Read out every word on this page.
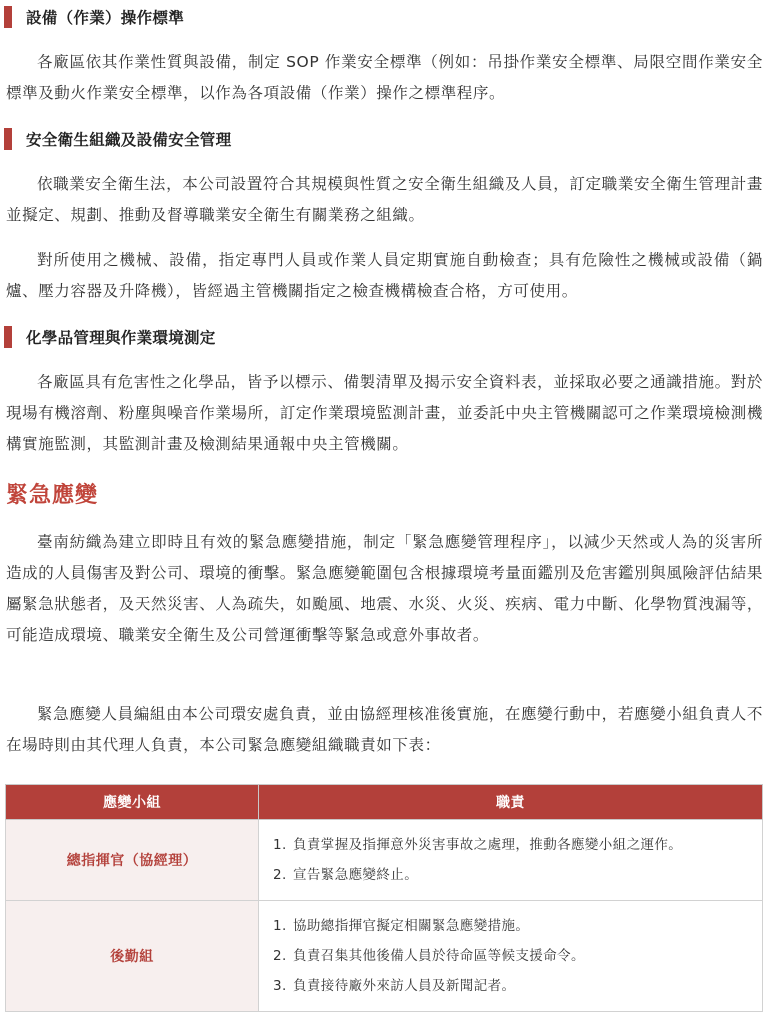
設備（作業）操作標準

各廠區依其作業性質與設備，制定 SOP 作業安全標準（例如：吊掛作業安全標準、局限空間作業安全標準及動火作業安全標準，以作為各項設備（作業）操作之標準程序。

安全衛生組織及設備安全管理

依職業安全衛生法，本公司設置符合其規模與性質之安全衛生組織及人員，訂定職業安全衛生管理計畫並擬定、規劃、推動及督導職業安全衛生有關業務之組織。

對所使用之機械、設備，指定專門人員或作業人員定期實施自動檢查；具有危險性之機械或設備（鍋爐、壓力容器及升降機），皆經過主管機關指定之檢查機構檢查合格，方可使用。

化學品管理與作業環境測定

各廠區具有危害性之化學品，皆予以標示、備製清單及揭示安全資料表，並採取必要之通識措施。對於現場有機溶劑、粉塵與噪音作業場所，訂定作業環境監測計畫，並委託中央主管機關認可之作業環境檢測機構實施監測，其監測計畫及檢測結果通報中央主管機關。

緊急應變

臺南紡織為建立即時且有效的緊急應變措施，制定「緊急應變管理程序」，以減少天然或人為的災害所造成的人員傷害及對公司、環境的衝擊。緊急應變範圍包含根據環境考量面鑑別及危害鑑別與風險評估結果屬緊急狀態者，及天然災害、人為疏失，如颱風、地震、水災、火災、疾病、電力中斷、化學物質洩漏等，可能造成環境、職業安全衛生及公司營運衝擊等緊急或意外事故者。

緊急應變人員編組由本公司環安處負責，並由協經理核准後實施，在應變行動中，若應變小組負責人不在場時則由其代理人負責，本公司緊急應變組織職責如下表：

應變小組	職責
總指揮官（協經理）	1. 負責掌握及指揮意外災害事故之處理，推動各應變小組之運作。
2. 宣告緊急應變終止。

後勤組	1. 協助總指揮官擬定相關緊急應變措施。
2. 負責召集其他後備人員於待命區等候支援命令。
3. 負責接待廠外來訪人員及新聞記者。
